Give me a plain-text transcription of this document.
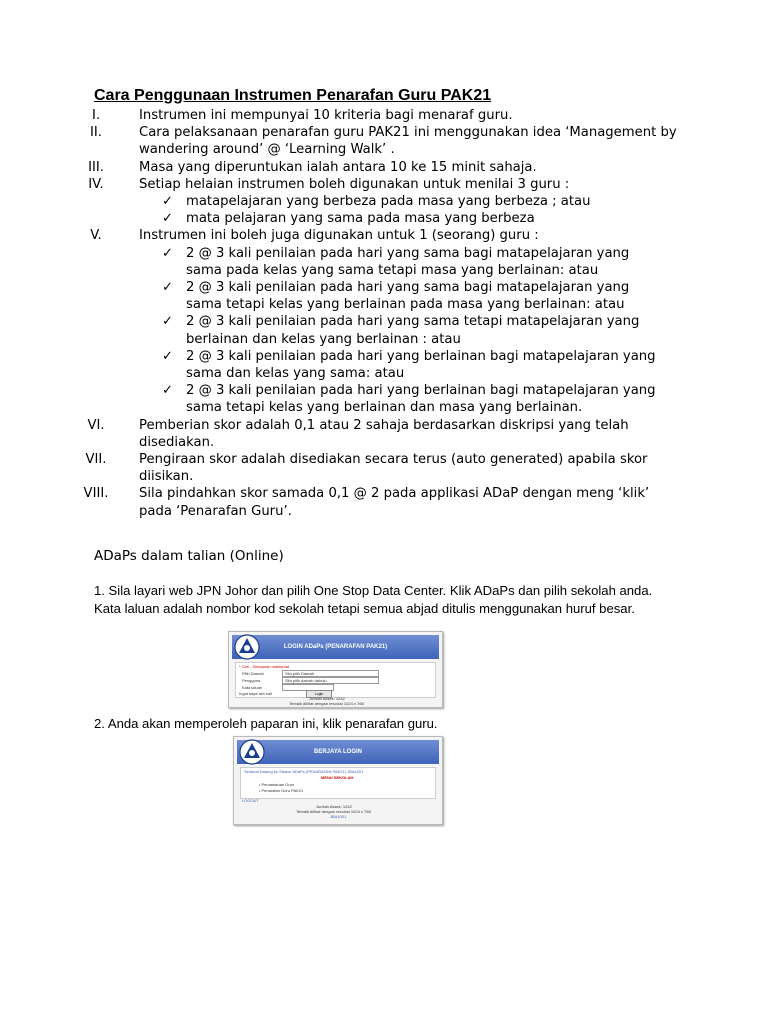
Cara Penggunaan Instrumen Penarafan Guru PAK21
I.	Instrumen ini mempunyai 10 kriteria bagi menaraf guru.
II.	Cara pelaksanaan penarafan guru PAK21 ini menggunakan idea ‘Management by wandering around’ @ ‘Learning Walk’ .
III.	Masa yang diperuntukan ialah antara 10 ke 15 minit sahaja.
IV.	Setiap helaian instrumen boleh digunakan untuk menilai 3 guru :
✓ matapelajaran yang berbeza pada masa yang berbeza ; atau
✓ mata pelajaran yang sama pada masa yang berbeza
V.	Instrumen ini boleh juga digunakan untuk 1 (seorang) guru :
✓ 2 @ 3 kali penilaian pada hari yang sama bagi matapelajaran yang sama pada kelas yang sama tetapi masa yang berlainan: atau
✓ 2 @ 3 kali penilaian pada hari yang sama bagi matapelajaran yang sama tetapi kelas yang berlainan pada masa yang berlainan: atau
✓ 2 @ 3 kali penilaian pada hari yang sama tetapi matapelajaran yang berlainan dan kelas yang berlainan : atau
✓ 2 @ 3 kali penilaian pada hari yang berlainan bagi matapelajaran yang sama dan kelas yang sama: atau
✓ 2 @ 3 kali penilaian pada hari yang berlainan bagi matapelajaran yang sama tetapi kelas yang berlainan dan masa yang berlainan.
VI.	Pemberian skor adalah 0,1 atau 2 sahaja berdasarkan diskripsi yang telah disediakan.
VII.	Pengiraan skor adalah disediakan secara terus (auto generated) apabila skor diisikan.
VIII.	Sila pindahkan skor samada 0,1 @ 2 pada applikasi ADaP dengan meng ‘klik’ pada ‘Penarafan Guru’.
ADaPs dalam talian (Online)
1. Sila layari web JPN Johor dan pilih One Stop Data Center. Klik ADaPs dan pilih sekolah anda. Kata laluan adalah nombor kod sekolah tetapi semua abjad ditulis menggunakan huruf besar.
LOGIN ADaPs (PENARAFAN PAK21)
* Cari - Simpanan maklumat
Pilih Daerah	Sila pilih Daerah
Pengguna	Sila pilih daerah dahulu
Kata laluan
Ingat saya lain kali	Login
Jumlah Akses: 1242
Terbaik dilihat dengan resolusi 1024 x 768
2. Anda akan memperoleh paparan ini, klik penarafan guru.
BERJAYA LOGIN
Selamat Datang ke Sistem ADaPs (PENARAFAN PAK21) JBA1001
MENU SEKOLAH
• Pemantauan Guru
• Penarafan Guru PAK21
LOGOUT
Jumlah Akses: 1242
Terbaik dilihat dengan resolusi 1024 x 768
JBA1001
